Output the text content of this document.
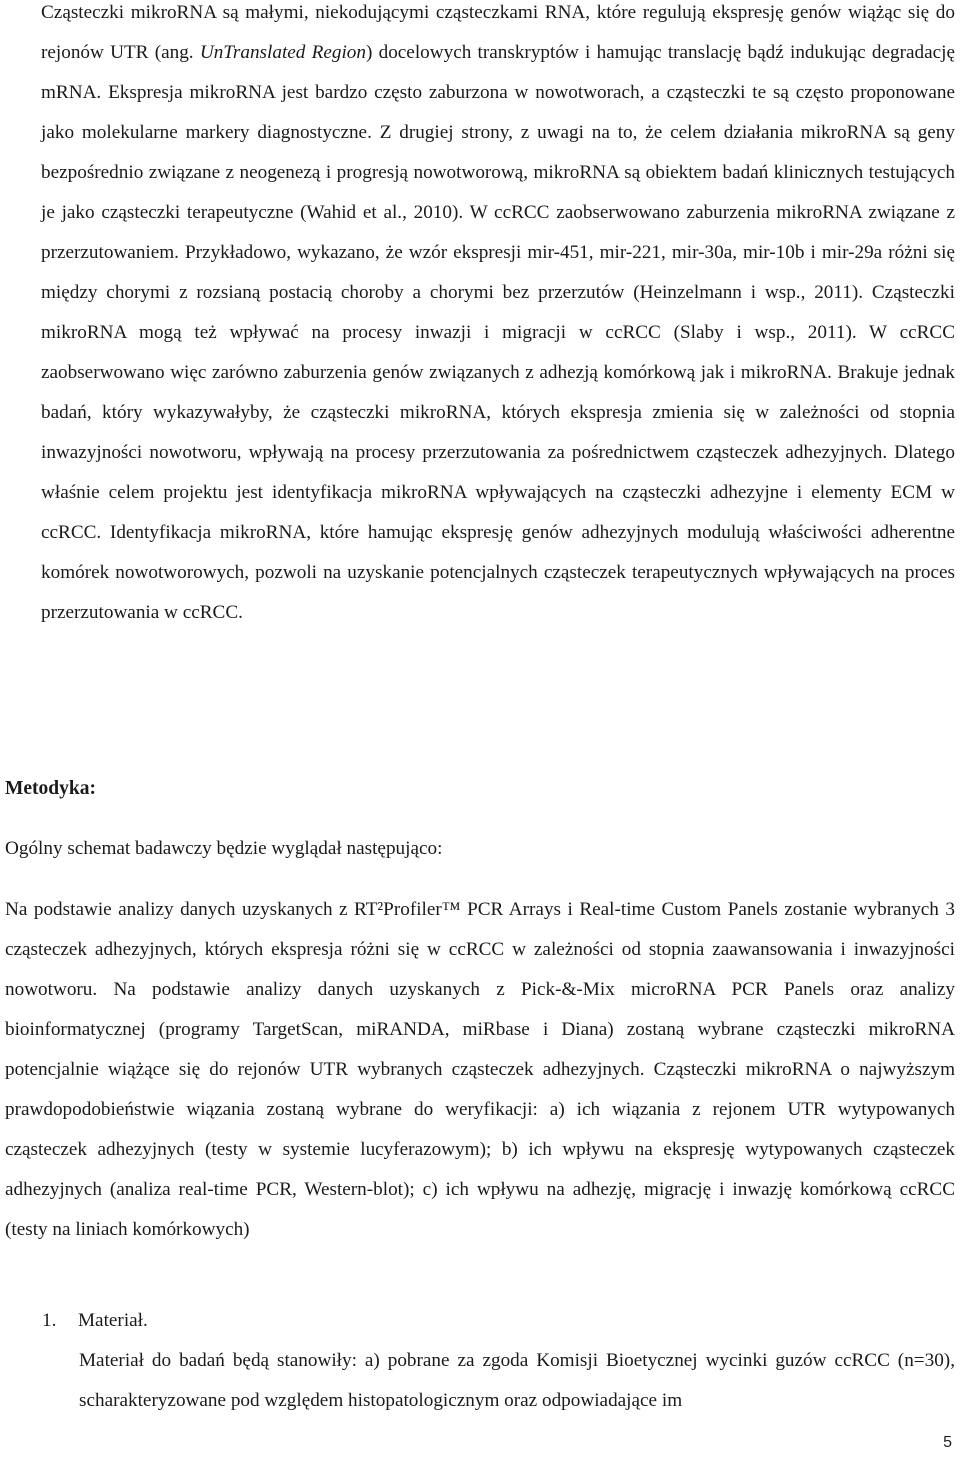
Cząsteczki mikroRNA są małymi, niekodującymi cząsteczkami RNA, które regulują ekspresję genów wiążąc się do rejonów UTR (ang. UnTranslated Region) docelowych transkryptów i hamując translację bądź indukując degradację mRNA. Ekspresja mikroRNA jest bardzo często zaburzona w nowotworach, a cząsteczki te są często proponowane jako molekularne markery diagnostyczne. Z drugiej strony, z uwagi na to, że celem działania mikroRNA są geny bezpośrednio związane z neogenezą i progresją nowotworową, mikroRNA są obiektem badań klinicznych testujących je jako cząsteczki terapeutyczne (Wahid et al., 2010). W ccRCC zaobserwowano zaburzenia mikroRNA związane z przerzutowaniem. Przykładowo, wykazano, że wzór ekspresji mir-451, mir-221, mir-30a, mir-10b i mir-29a różni się między chorymi z rozsianą postacią choroby a chorymi bez przerzutów (Heinzelmann i wsp., 2011). Cząsteczki mikroRNA mogą też wpływać na procesy inwazji i migracji w ccRCC (Slaby i wsp., 2011). W ccRCC zaobserwowano więc zarówno zaburzenia genów związanych z adhezją komórkową jak i mikroRNA. Brakuje jednak badań, który wykazywałyby, że cząsteczki mikroRNA, których ekspresja zmienia się w zależności od stopnia inwazyjności nowotworu, wpływają na procesy przerzutowania za pośrednictwem cząsteczek adhezyjnych. Dlatego właśnie celem projektu jest identyfikacja mikroRNA wpływających na cząsteczki adhezyjne i elementy ECM w ccRCC. Identyfikacja mikroRNA, które hamując ekspresję genów adhezyjnych modulują właściwości adherentne komórek nowotworowych, pozwoli na uzyskanie potencjalnych cząsteczek terapeutycznych wpływających na proces przerzutowania w ccRCC.

Metodyka:

Ogólny schemat badawczy będzie wyglądał następująco:

Na podstawie analizy danych uzyskanych z RT²Profiler™ PCR Arrays i Real-time Custom Panels zostanie wybranych 3 cząsteczek adhezyjnych, których ekspresja różni się w ccRCC w zależności od stopnia zaawansowania i inwazyjności nowotworu. Na podstawie analizy danych uzyskanych z Pick-&-Mix microRNA PCR Panels oraz analizy bioinformatycznej (programy TargetScan, miRANDA, miRbase i Diana) zostaną wybrane cząsteczki mikroRNA potencjalnie wiążące się do rejonów UTR wybranych cząsteczek adhezyjnych. Cząsteczki mikroRNA o najwyższym prawdopodobieństwie wiązania zostaną wybrane do weryfikacji: a) ich wiązania z rejonem UTR wytypowanych cząsteczek adhezyjnych (testy w systemie lucyferazowym); b) ich wpływu na ekspresję wytypowanych cząsteczek adhezyjnych (analiza real-time PCR, Western-blot); c) ich wpływu na adhezję, migrację i inwazję komórkową ccRCC (testy na liniach komórkowych)

1. Materiał.

Materiał do badań będą stanowiły: a) pobrane za zgoda Komisji Bioetycznej wycinki guzów ccRCC (n=30), scharakteryzowane pod względem histopatologicznym oraz odpowiadające im

5
